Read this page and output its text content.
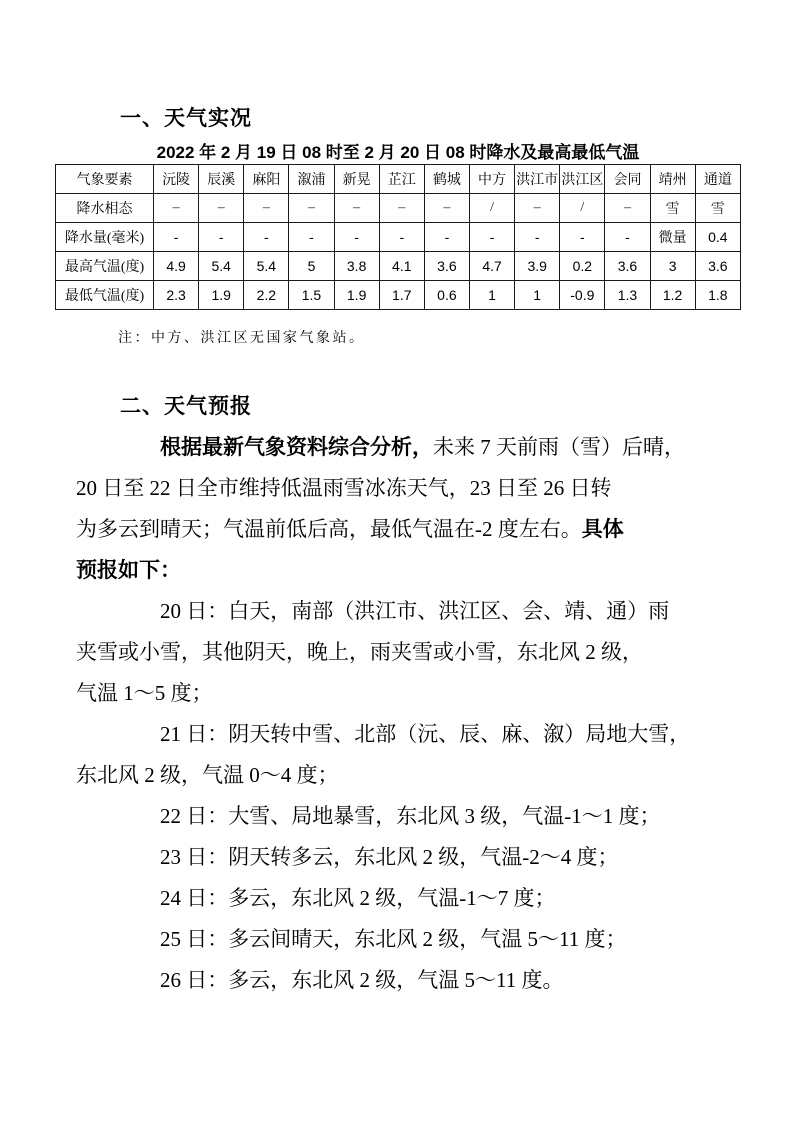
一、天气实况
2022 年 2 月 19 日 08 时至 2 月 20 日 08 时降水及最高最低气温
气象要素	沅陵	辰溪	麻阳	溆浦	新晃	芷江	鹤城	中方	洪江市	洪江区	会同	靖州	通道
降水相态	–	–	–	–	–	–	–	/	–	/	–	雪	雪
降水量(毫米)	-	-	-	-	-	-	-	-	-	-	-	微量	0.4
最高气温(度)	4.9	5.4	5.4	5	3.8	4.1	3.6	4.7	3.9	0.2	3.6	3	3.6
最低气温(度)	2.3	1.9	2.2	1.5	1.9	1.7	0.6	1	1	-0.9	1.3	1.2	1.8
注：中方、洪江区无国家气象站。
二、天气预报
根据最新气象资料综合分析，未来 7 天前雨（雪）后晴，
20 日至 22 日全市维持低温雨雪冰冻天气，23 日至 26 日转
为多云到晴天；气温前低后高，最低气温在-2 度左右。具体
预报如下：
20 日：白天，南部（洪江市、洪江区、会、靖、通）雨
夹雪或小雪，其他阴天，晚上，雨夹雪或小雪，东北风 2 级，
气温 1～5 度；
21 日：阴天转中雪、北部（沅、辰、麻、溆）局地大雪，
东北风 2 级，气温 0～4 度；
22 日：大雪、局地暴雪，东北风 3 级，气温-1～1 度；
23 日：阴天转多云，东北风 2 级，气温-2～4 度；
24 日：多云，东北风 2 级，气温-1～7 度；
25 日：多云间晴天，东北风 2 级，气温 5～11 度；
26 日：多云，东北风 2 级，气温 5～11 度。
